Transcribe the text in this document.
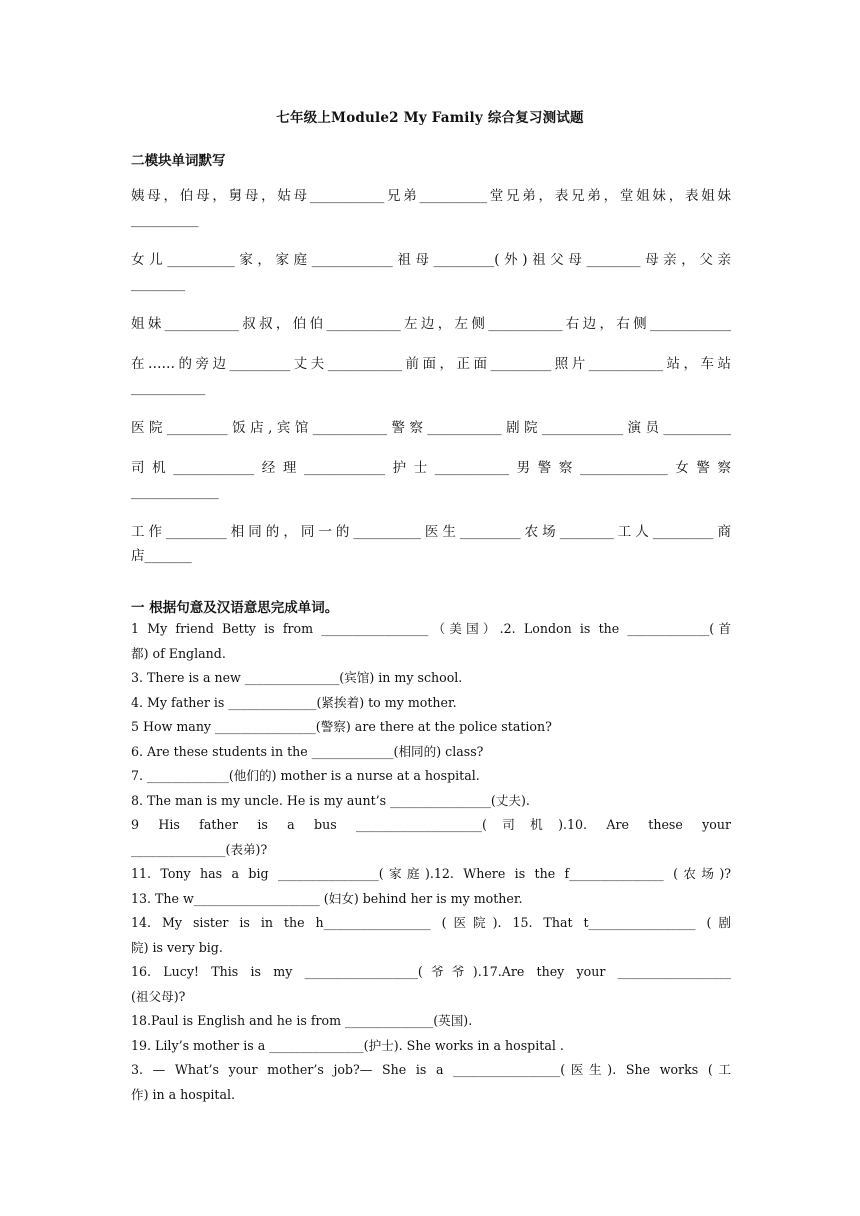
七年级上Module2 My Family 综合复习测试题
二模块单词默写
姨母，伯母，舅母，姑母___________兄弟__________堂兄弟，表兄弟，堂姐妹，表姐妹
__________
女儿__________家，家庭____________祖母_________(外)祖父母________母亲，父亲
________
姐妹___________叔叔，伯伯___________左边，左侧___________右边，右侧____________
在……的旁边_________丈夫___________前面，正面_________照片___________站，车站
___________
医院_________饭店,宾馆___________警察___________剧院____________演员__________
司机____________经理____________护士___________男警察_____________女警察
_____________
工作_________相同的，同一的__________医生_________农场________工人_________商
店_______
一 根据句意及汉语意思完成单词。
1 My friend Betty is from _________________（美国）.2. London is the _____________(首
都) of England.
3. There is a new _______________(宾馆) in my school.
4. My father is ______________(紧挨着) to my mother.
5 How many ________________(警察) are there at the police station?
6. Are these students in the _____________(相同的) class?
7. _____________(他们的) mother is a nurse at a hospital.
8. The man is my uncle. He is my aunt’s ________________(丈夫).
9 His father is a bus ____________________(司机).10. Are these your
_______________(表弟)?
11. Tony has a big ________________(家庭).12. Where is the f_______________ (农场)?
13. The w____________________ (妇女) behind her is my mother.
14. My sister is in the h_________________ (医院). 15. That t_________________ (剧
院) is very big.
16. Lucy! This is my __________________(爷爷).17.Are they your __________________
(祖父母)?
18.Paul is English and he is from ______________(英国).
19. Lily’s mother is a _______________(护士). She works in a hospital .
3. — What’s your mother’s job?— She is a _________________(医生). She works (工
作) in a hospital.
